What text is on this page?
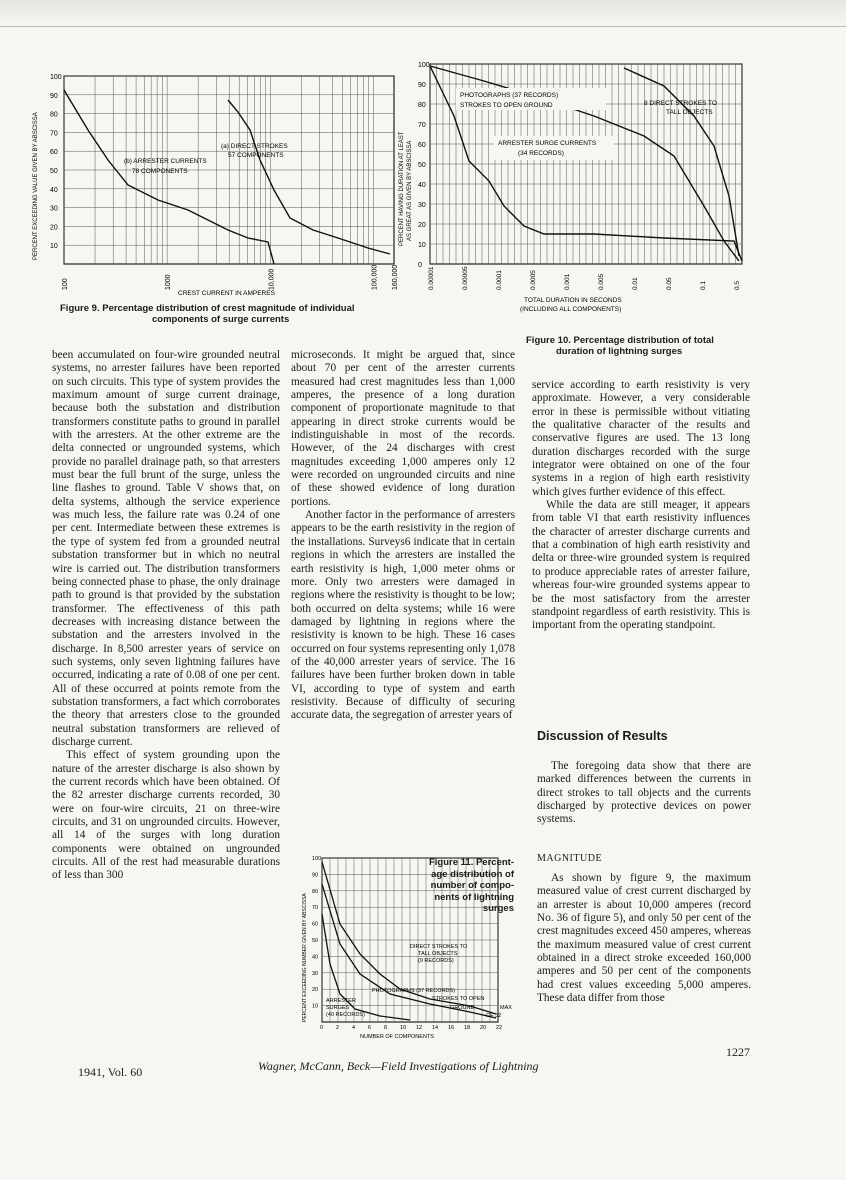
(a) DIRECT STROKES
57 COMPONENTS
(b) ARRESTER CURRENTS
78 COMPONENTS
10
20
30
40
50
60
70
80
90
100
100	1000	10,000	100,000 160,000
PERCENT EXCEEDING VALUE GIVEN BY ABSCISSA
CREST CURRENT IN AMPERES
Figure 9. Percentage distribution of crest magnitude of individual
components of surge currents
PHOTOGRAPHS (37 RECORDS)
STROKES TO OPEN GROUND	8 DIRECT STROKES TO
TALL OBJECTS
ARRESTER SURGE CURRENTS
(34 RECORDS)
0
10
20
30
40
50
60
70
80
90
100
0.00001	0.00005	0.0001	0.0005	0.001	0.005	0.01	0.05	0.1	0.5
PERCENT HAVING DURATION AT LEAST AS GREAT AS GIVEN BY ABSCISSA
TOTAL DURATION IN SECONDS
(INCLUDING ALL COMPONENTS)
Figure 10. Percentage distribution of total
duration of lightning surges

been accumulated on four-wire grounded neutral systems, no arrester failures have been reported on such circuits. This type of system provides the maximum amount of surge current drainage, because both the substation and distribution transformers constitute paths to ground in parallel with the arresters. At the other extreme are the delta connected or ungrounded systems, which provide no parallel drainage path, so that arresters must bear the full brunt of the surge, unless the line flashes to ground. Table V shows that, on delta systems, although the service experience was much less, the failure rate was 0.24 of one per cent. Intermediate between these extremes is the type of system fed from a grounded neutral substation transformer but in which no neutral wire is carried out. The distribution transformers being connected phase to phase, the only drainage path to ground is that provided by the substation transformer. The effectiveness of this path decreases with increasing distance between the substation and the arresters involved in the discharge. In 8,500 arrester years of service on such systems, only seven lightning failures have occurred, indicating a rate of 0.08 of one per cent. All of these occurred at points remote from the substation transformers, a fact which corroborates the theory that arresters close to the grounded neutral substation transformers are relieved of discharge current.

This effect of system grounding upon the nature of the arrester discharge is also shown by the current records which have been obtained. Of the 82 arrester discharge currents recorded, 30 were on four-wire circuits, 21 on three-wire circuits, and 31 on ungrounded circuits. However, all 14 of the surges with long duration components were obtained on ungrounded circuits. All of the rest had measurable durations of less than 300

microseconds. It might be argued that, since about 70 per cent of the arrester currents measured had crest magnitudes less than 1,000 amperes, the presence of a long duration component of proportionate magnitude to that appearing in direct stroke currents would be indistinguishable in most of the records. However, of the 24 discharges with crest magnitudes exceeding 1,000 amperes only 12 were recorded on ungrounded circuits and nine of these showed evidence of long duration portions.

Another factor in the performance of arresters appears to be the earth resistivity in the region of the installations. Surveys6 indicate that in certain regions in which the arresters are installed the earth resistivity is high, 1,000 meter ohms or more. Only two arresters were damaged in regions where the resistivity is thought to be low; both occurred on delta systems; while 16 were damaged by lightning in regions where the resistivity is known to be high. These 16 cases occurred on four systems representing only 1,078 of the 40,000 arrester years of service. The 16 failures have been further broken down in table VI, according to type of system and earth resistivity. Because of difficulty of securing accurate data, the segregation of arrester years of

DIRECT STROKES TO
TALL OBJECTS
(9 RECORDS)
PHOTOGRAPHS (37 RECORDS)
STROKES TO OPEN
GROUND	MAX
OF 32
ARRESTER
SURGES
(40 RECORDS)
10
20
30
40
50
60
70
80
90
100
0 2 4 6 8 10 12 14 16 18 20 22
PERCENT EXCEEDING NUMBER GIVEN BY ABSCISSA
NUMBER OF COMPONENTS
Figure 11. Percent-
age distribution of
number of compo-
nents of lightning
surges

service according to earth resistivity is very approximate. However, a very considerable error in these is permissible without vitiating the qualitative character of the results and conservative figures are used. The 13 long duration discharges recorded with the surge integrator were obtained on one of the four systems in a region of high earth resistivity which gives further evidence of this effect.

While the data are still meager, it appears from table VI that earth resistivity influences the character of arrester discharge currents and that a combination of high earth resistivity and delta or three-wire grounded system is required to produce appreciable rates of arrester failure, whereas four-wire grounded systems appear to be the most satisfactory from the arrester standpoint regardless of earth resistivity. This is important from the operating standpoint.

Discussion of Results

The foregoing data show that there are marked differences between the currents in direct strokes to tall objects and the currents discharged by protective devices on power systems.

MAGNITUDE

As shown by figure 9, the maximum measured value of crest current discharged by an arrester is about 10,000 amperes (record No. 36 of figure 5), and only 50 per cent of the crest magnitudes exceed 450 amperes, whereas the maximum measured value of crest current obtained in a direct stroke exceeded 160,000 amperes and 50 per cent of the components had crest values exceeding 5,000 amperes. These data differ from those

1941, Vol. 60	Wagner, McCann, Beck—Field Investigations of Lightning
1227
